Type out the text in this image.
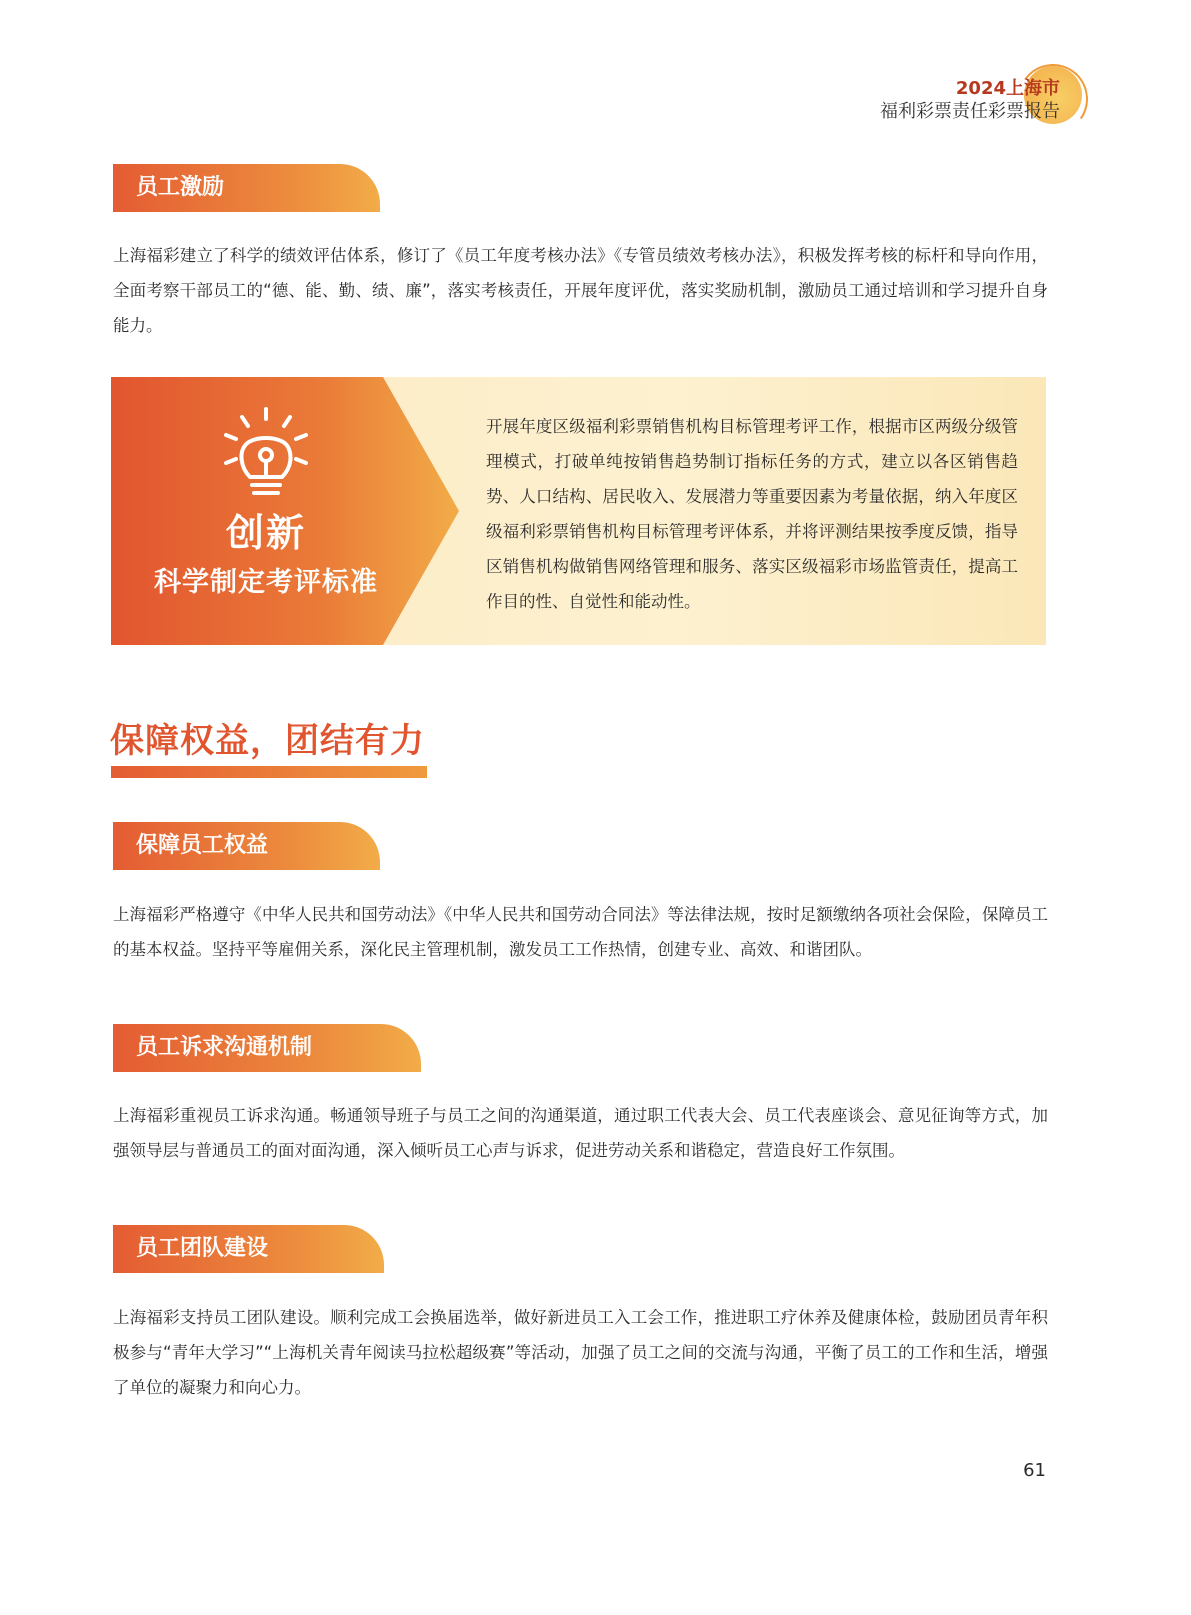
2024上海市
福利彩票责任彩票报告
员工激励

上海福彩建立了科学的绩效评估体系，修订了《员工年度考核办法》《专管员绩效考核办法》，积极发挥考核的标杆和导向作用，全面考察干部员工的“德、能、勤、绩、廉”，落实考核责任，开展年度评优，落实奖励机制，激励员工通过培训和学习提升自身能力。

创新
科学制定考评标准

开展年度区级福利彩票销售机构目标管理考评工作，根据市区两级分级管理模式，打破单纯按销售趋势制订指标任务的方式，建立以各区销售趋势、人口结构、居民收入、发展潜力等重要因素为考量依据，纳入年度区级福利彩票销售机构目标管理考评体系，并将评测结果按季度反馈，指导区销售机构做销售网络管理和服务、落实区级福彩市场监管责任，提高工作目的性、自觉性和能动性。

保障权益，团结有力
保障员工权益

上海福彩严格遵守《中华人民共和国劳动法》《中华人民共和国劳动合同法》等法律法规，按时足额缴纳各项社会保险，保障员工的基本权益。坚持平等雇佣关系，深化民主管理机制，激发员工工作热情，创建专业、高效、和谐团队。

员工诉求沟通机制

上海福彩重视员工诉求沟通。畅通领导班子与员工之间的沟通渠道，通过职工代表大会、员工代表座谈会、意见征询等方式，加强领导层与普通员工的面对面沟通，深入倾听员工心声与诉求，促进劳动关系和谐稳定，营造良好工作氛围。

员工团队建设

上海福彩支持员工团队建设。顺利完成工会换届选举，做好新进员工入工会工作，推进职工疗休养及健康体检，鼓励团员青年积极参与“青年大学习”“上海机关青年阅读马拉松超级赛”等活动，加强了员工之间的交流与沟通，平衡了员工的工作和生活，增强了单位的凝聚力和向心力。

61
